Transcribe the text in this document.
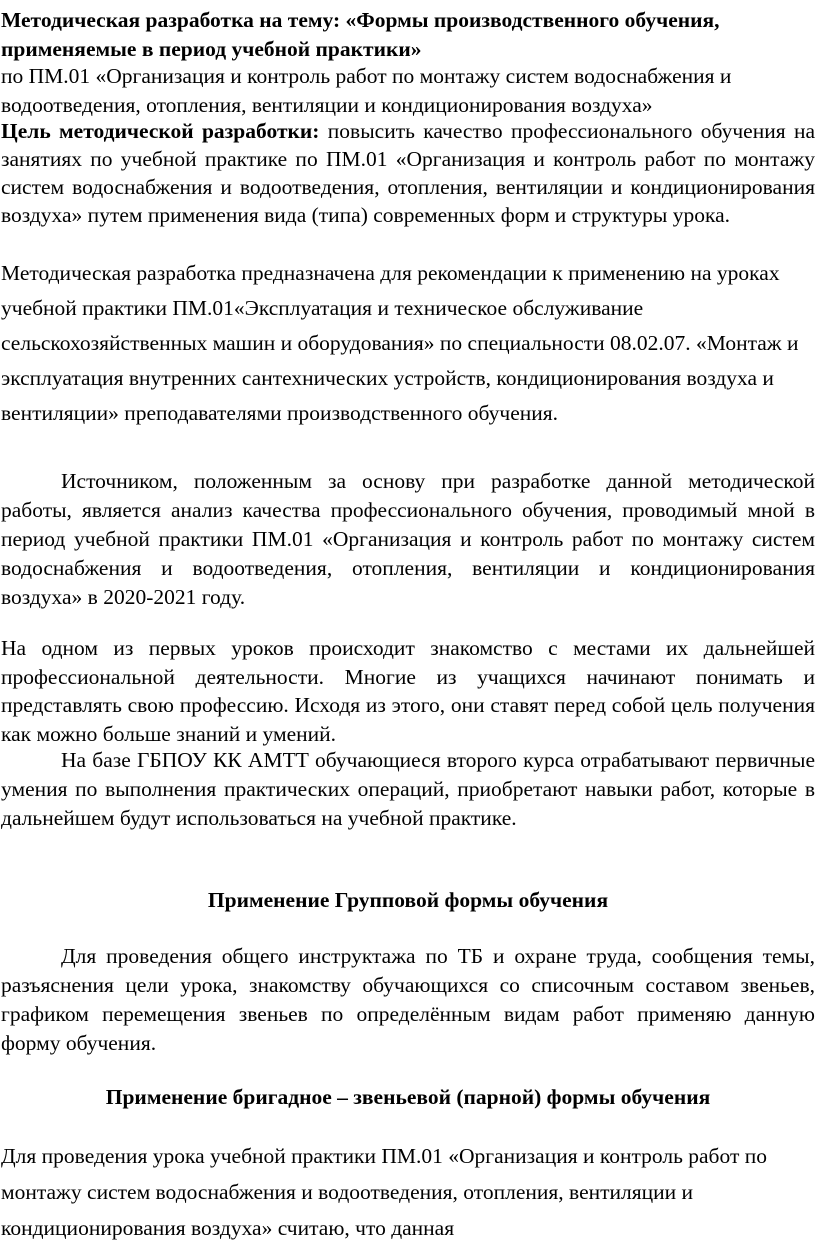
Методическая разработка на тему: «Формы производственного обучения, применяемые в период учебной практики»

по ПМ.01 «Организация и контроль работ по монтажу систем водоснабжения и водоотведения, отопления, вентиляции и кондиционирования воздуха»

Цель методической разработки: повысить качество профессионального обучения на занятиях по учебной практике по ПМ.01 «Организация и контроль работ по монтажу систем водоснабжения и водоотведения, отопления, вентиляции и кондиционирования воздуха» путем применения вида (типа) современных форм и структуры урока.

Методическая разработка предназначена для рекомендации к применению на уроках учебной практики ПМ.01«Эксплуатация и техническое обслуживание сельскохозяйственных машин и оборудования» по специальности 08.02.07. «Монтаж и эксплуатация внутренних сантехнических устройств, кондиционирования воздуха и вентиляции» преподавателями производственного обучения.

Источником, положенным за основу при разработке данной методической работы, является анализ качества профессионального обучения, проводимый мной в период учебной практики ПМ.01 «Организация и контроль работ по монтажу систем водоснабжения и водоотведения, отопления, вентиляции и кондиционирования воздуха» в 2020-2021 году.

На одном из первых уроков происходит знакомство с местами их дальнейшей профессиональной деятельности. Многие из учащихся начинают понимать и представлять свою профессию. Исходя из этого, они ставят перед собой цель получения как можно больше знаний и умений.

На базе ГБПОУ КК АМТТ обучающиеся второго курса отрабатывают первичные умения по выполнения практических операций, приобретают навыки работ, которые в дальнейшем будут использоваться на учебной практике.

Применение Групповой формы обучения

Для проведения общего инструктажа по ТБ и охране труда, сообщения темы, разъяснения цели урока, знакомству обучающихся со списочным составом звеньев, графиком перемещения звеньев по определённым видам работ применяю данную форму обучения.

Применение бригадное – звеньевой (парной) формы обучения

Для проведения урока учебной практики ПМ.01 «Организация и контроль работ по монтажу систем водоснабжения и водоотведения, отопления, вентиляции и кондиционирования воздуха» считаю, что данная
